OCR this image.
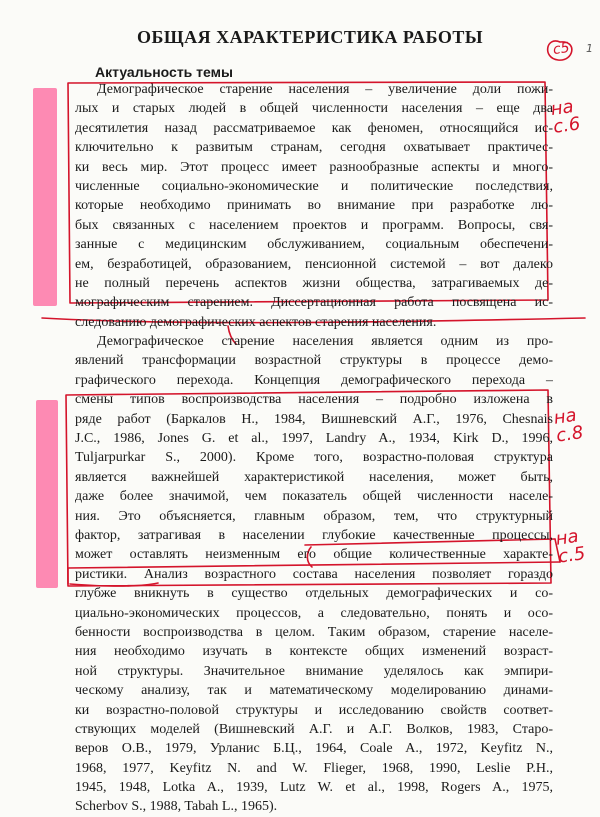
ОБЩАЯ ХАРАКТЕРИСТИКА РАБОТЫ
Актуальность темы
c5 1
на с.6
на с.8
на с.5
Демографическое старение населения – увеличение доли пожи-
лых и старых людей в общей численности населения – еще два
десятилетия назад рассматриваемое как феномен, относящийся ис-
ключительно к развитым странам, сегодня охватывает практичес-
ки весь мир. Этот процесс имеет разнообразные аспекты и много-
численные социально-экономические и политические последствия,
которые необходимо принимать во внимание при разработке лю-
бых связанных с населением проектов и программ. Вопросы, свя-
занные с медицинским обслуживанием, социальным обеспечени-
ем, безработицей, образованием, пенсионной системой – вот далеко
не полный перечень аспектов жизни общества, затрагиваемых де-
мографическим старением. Диссертационная работа посвящена ис-
следованию демографических аспектов старения населения.
Демографическое старение населения является одним из про-
явлений трансформации возрастной структуры в процессе демо-
графического перехода. Концепция демографического перехода –
смены типов воспроизводства населения – подробно изложена в
ряде работ (Баркалов Н., 1984, Вишневский А.Г., 1976, Chesnais
J.C., 1986, Jones G. et al., 1997, Landry A., 1934, Kirk D., 1996,
Tuljarpurkar S., 2000). Кроме того, возрастно-половая структура
является важнейшей характеристикой населения, может быть,
даже более значимой, чем показатель общей численности населе-
ния. Это объясняется, главным образом, тем, что структурный
фактор, затрагивая в населении глубокие качественные процессы,
может оставлять неизменным его общие количественные характе-
ристики. Анализ возрастного состава населения позволяет горaздо
глубже вникнуть в существо отдельных демографических и со-
циально-экономических процессов, а следовательно, понять и осо-
бенности воспроизводства в целом. Таким образом, старение населе-
ния необходимо изучать в контексте общих изменений возраст-
ной структуры. Значительное внимание уделялось как эмпири-
ческому анализу, так и математическому моделированию динами-
ки возрастно-половой структуры и исследованию свойств соответ-
ствующих моделей (Вишневский А.Г. и А.Г. Волков, 1983, Старо-
веров О.В., 1979, Урланис Б.Ц., 1964, Coale A., 1972, Keyfitz N.,
1968, 1977, Keyfitz N. and W. Flieger, 1968, 1990, Leslie P.H.,
1945, 1948, Lotka A., 1939, Lutz W. et al., 1998, Rogers A., 1975,
Scherbov S., 1988, Tabah L., 1965).
